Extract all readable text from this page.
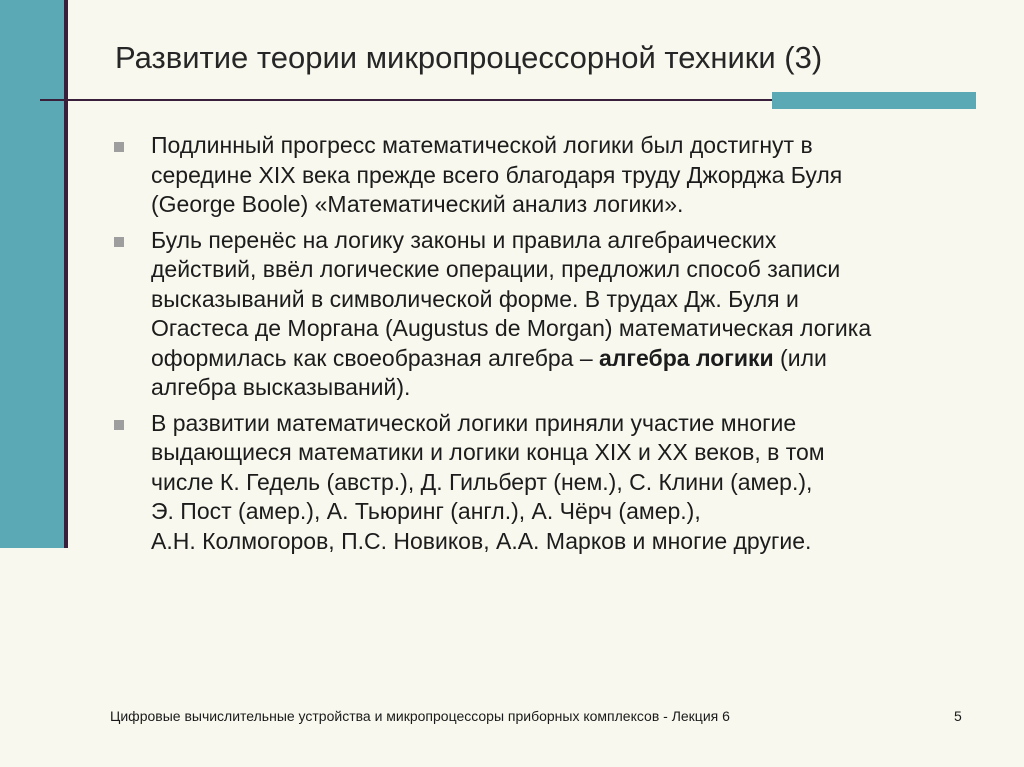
Развитие теории микропроцессорной техники (3)
Подлинный прогресс математической логики был достигнут в
середине XIX века прежде всего благодаря труду Джорджа Буля
(George Boole) «Математический анализ логики».
Буль перенёс на логику законы и правила алгебраических
действий, ввёл логические операции, предложил способ записи
высказываний в символической форме. В трудах Дж. Буля и
Огастеса де Моргана (Augustus de Morgan) математическая логика
оформилась как своеобразная алгебра – алгебра логики (или
алгебра высказываний).
В развитии математической логики приняли участие многие
выдающиеся математики и логики конца XIX и XX веков, в том
числе К. Гедель (австр.), Д. Гильберт (нем.), С. Клини (амер.),
Э. Пост (амер.), А. Тьюринг (англ.), А. Чёрч (амер.),
А.Н. Колмогоров, П.С. Новиков, А.А. Марков и многие другие.
Цифровые вычислительные устройства и микропроцессоры приборных комплексов - Лекция 6	5
